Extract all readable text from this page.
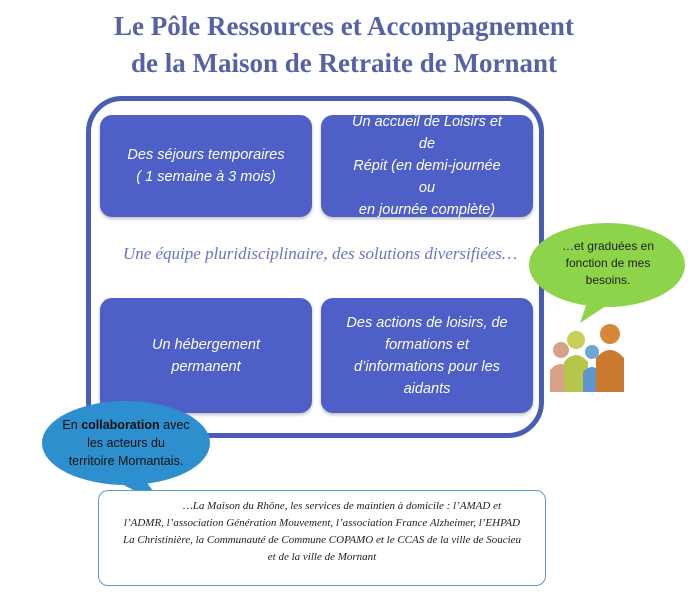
Le Pôle Ressources et Accompagnement
de la Maison de Retraite de Mornant
Des séjours temporaires
( 1 semaine à 3 mois)
Un accueil de Loisirs et de
Répit (en demi-journée ou
en journée complète)
Une équipe pluridisciplinaire, des solutions diversifiées…
Un hébergement
permanent
Des actions de loisirs, de
formations et
d’informations pour les
aidants
…et graduées en
fonction de mes
besoins.
En collaboration avec
les acteurs du
territoire Mornantais.
…La Maison du Rhône, les services de maintien à domicile : l’AMAD et
l’ADMR, l’association Génération Mouvement, l’association France Alzheimer, l’EHPAD
La Christinière, la Communauté de Commune COPAMO et le CCAS de la ville de Soucieu
et de la ville de Mornant
